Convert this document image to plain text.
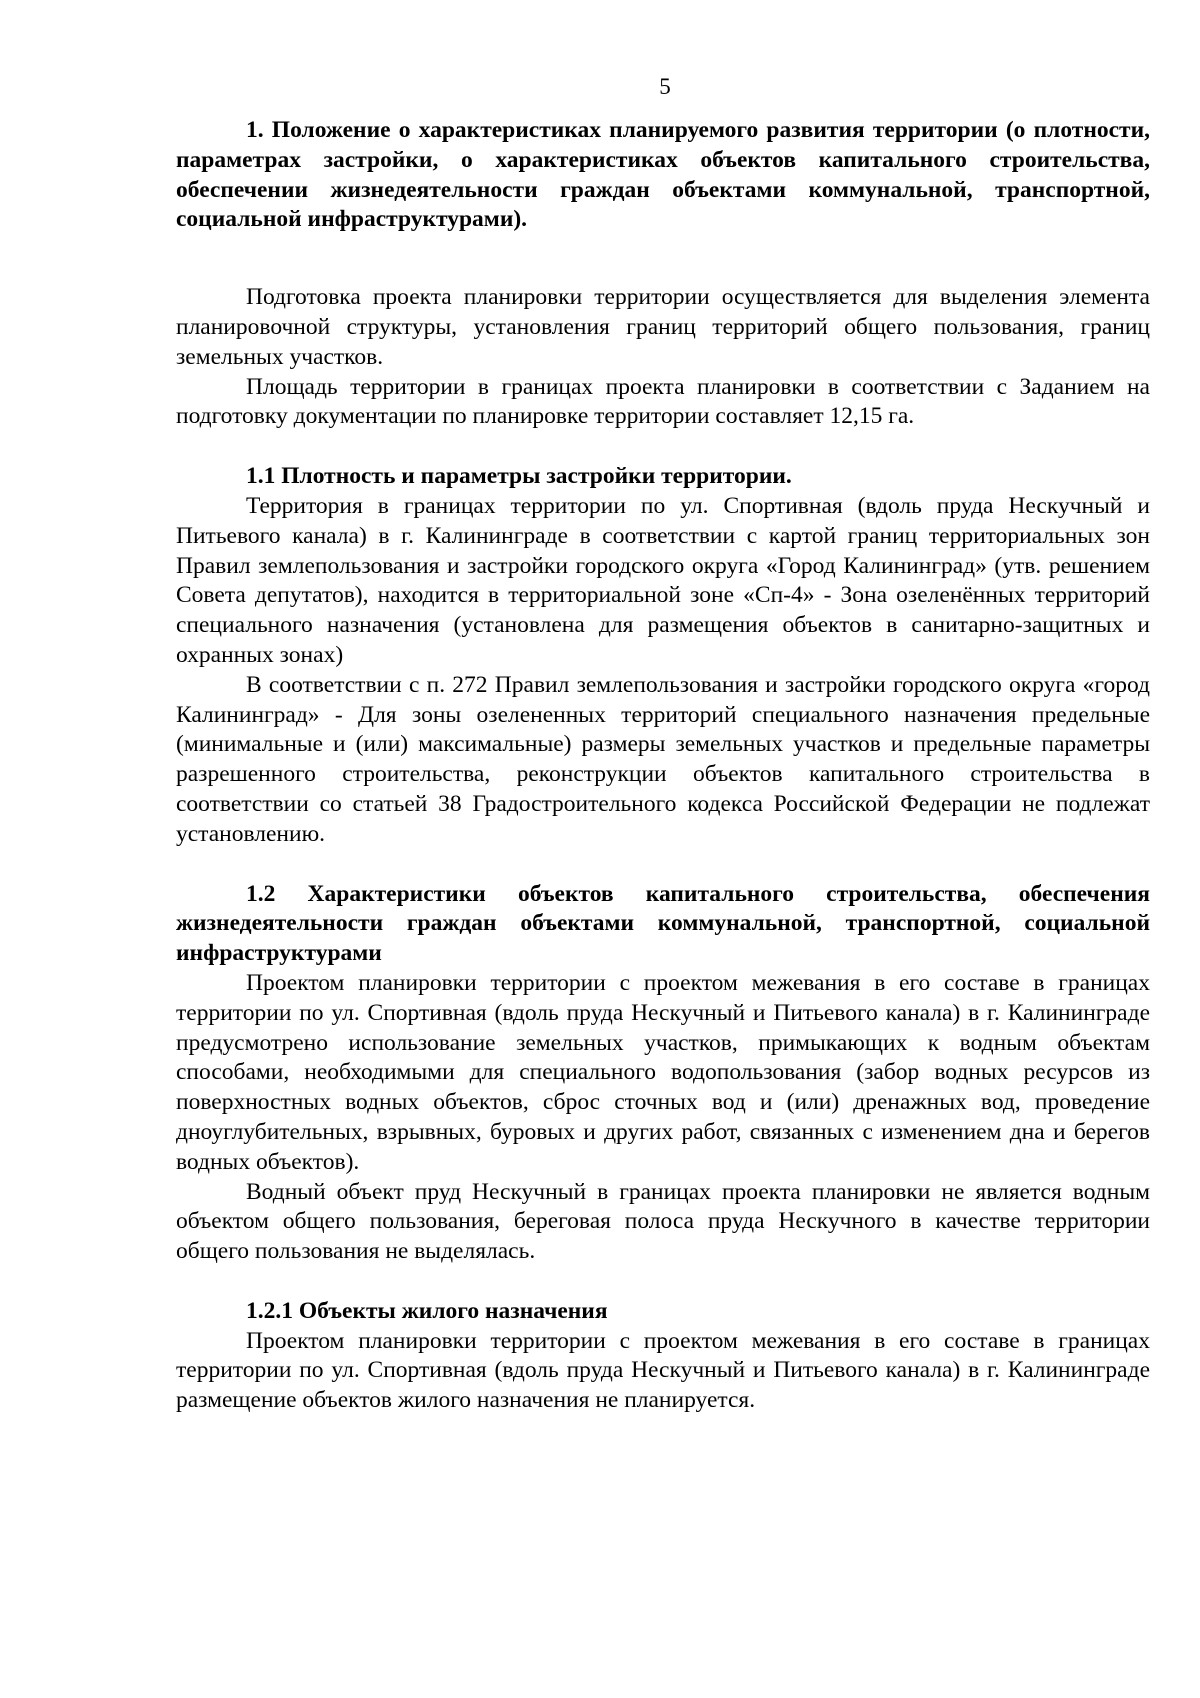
5

1. Положение о характеристиках планируемого развития территории (о плотности, параметрах застройки, о характеристиках объектов капитального строительства, обеспечении жизнедеятельности граждан объектами коммунальной, транспортной, социальной инфраструктурами).

Подготовка проекта планировки территории осуществляется для выделения элемента планировочной структуры, установления границ территорий общего пользования, границ земельных участков.

Площадь территории в границах проекта планировки в соответствии с Заданием на подготовку документации по планировке территории составляет 12,15 га.

1.1 Плотность и параметры застройки территории.

Территория в границах территории по ул. Спортивная (вдоль пруда Нескучный и Питьевого канала) в г. Калининграде в соответствии с картой границ территориальных зон Правил землепользования и застройки городского округа «Город Калининград» (утв. решением Совета депутатов), находится в территориальной зоне «Сп-4» - Зона озеленённых территорий специального назначения (установлена для размещения объектов в санитарно-защитных и охранных зонах)

В соответствии с п. 272 Правил землепользования и застройки городского округа «город Калининград» - Для зоны озелененных территорий специального назначения предельные (минимальные и (или) максимальные) размеры земельных участков и предельные параметры разрешенного строительства, реконструкции объектов капитального строительства в соответствии со статьей 38 Градостроительного кодекса Российской Федерации не подлежат установлению.

1.2 Характеристики объектов капитального строительства, обеспечения жизнедеятельности граждан объектами коммунальной, транспортной, социальной инфраструктурами

Проектом планировки территории с проектом межевания в его составе в границах территории по ул. Спортивная (вдоль пруда Нескучный и Питьевого канала) в г. Калининграде предусмотрено использование земельных участков, примыкающих к водным объектам способами, необходимыми для специального водопользования (забор водных ресурсов из поверхностных водных объектов, сброс сточных вод и (или) дренажных вод, проведение дноуглубительных, взрывных, буровых и других работ, связанных с изменением дна и берегов водных объектов).

Водный объект пруд Нескучный в границах проекта планировки не является водным объектом общего пользования, береговая полоса пруда Нескучного в качестве территории общего пользования не выделялась.

1.2.1 Объекты жилого назначения

Проектом планировки территории с проектом межевания в его составе в границах территории по ул. Спортивная (вдоль пруда Нескучный и Питьевого канала) в г. Калининграде размещение объектов жилого назначения не планируется.
